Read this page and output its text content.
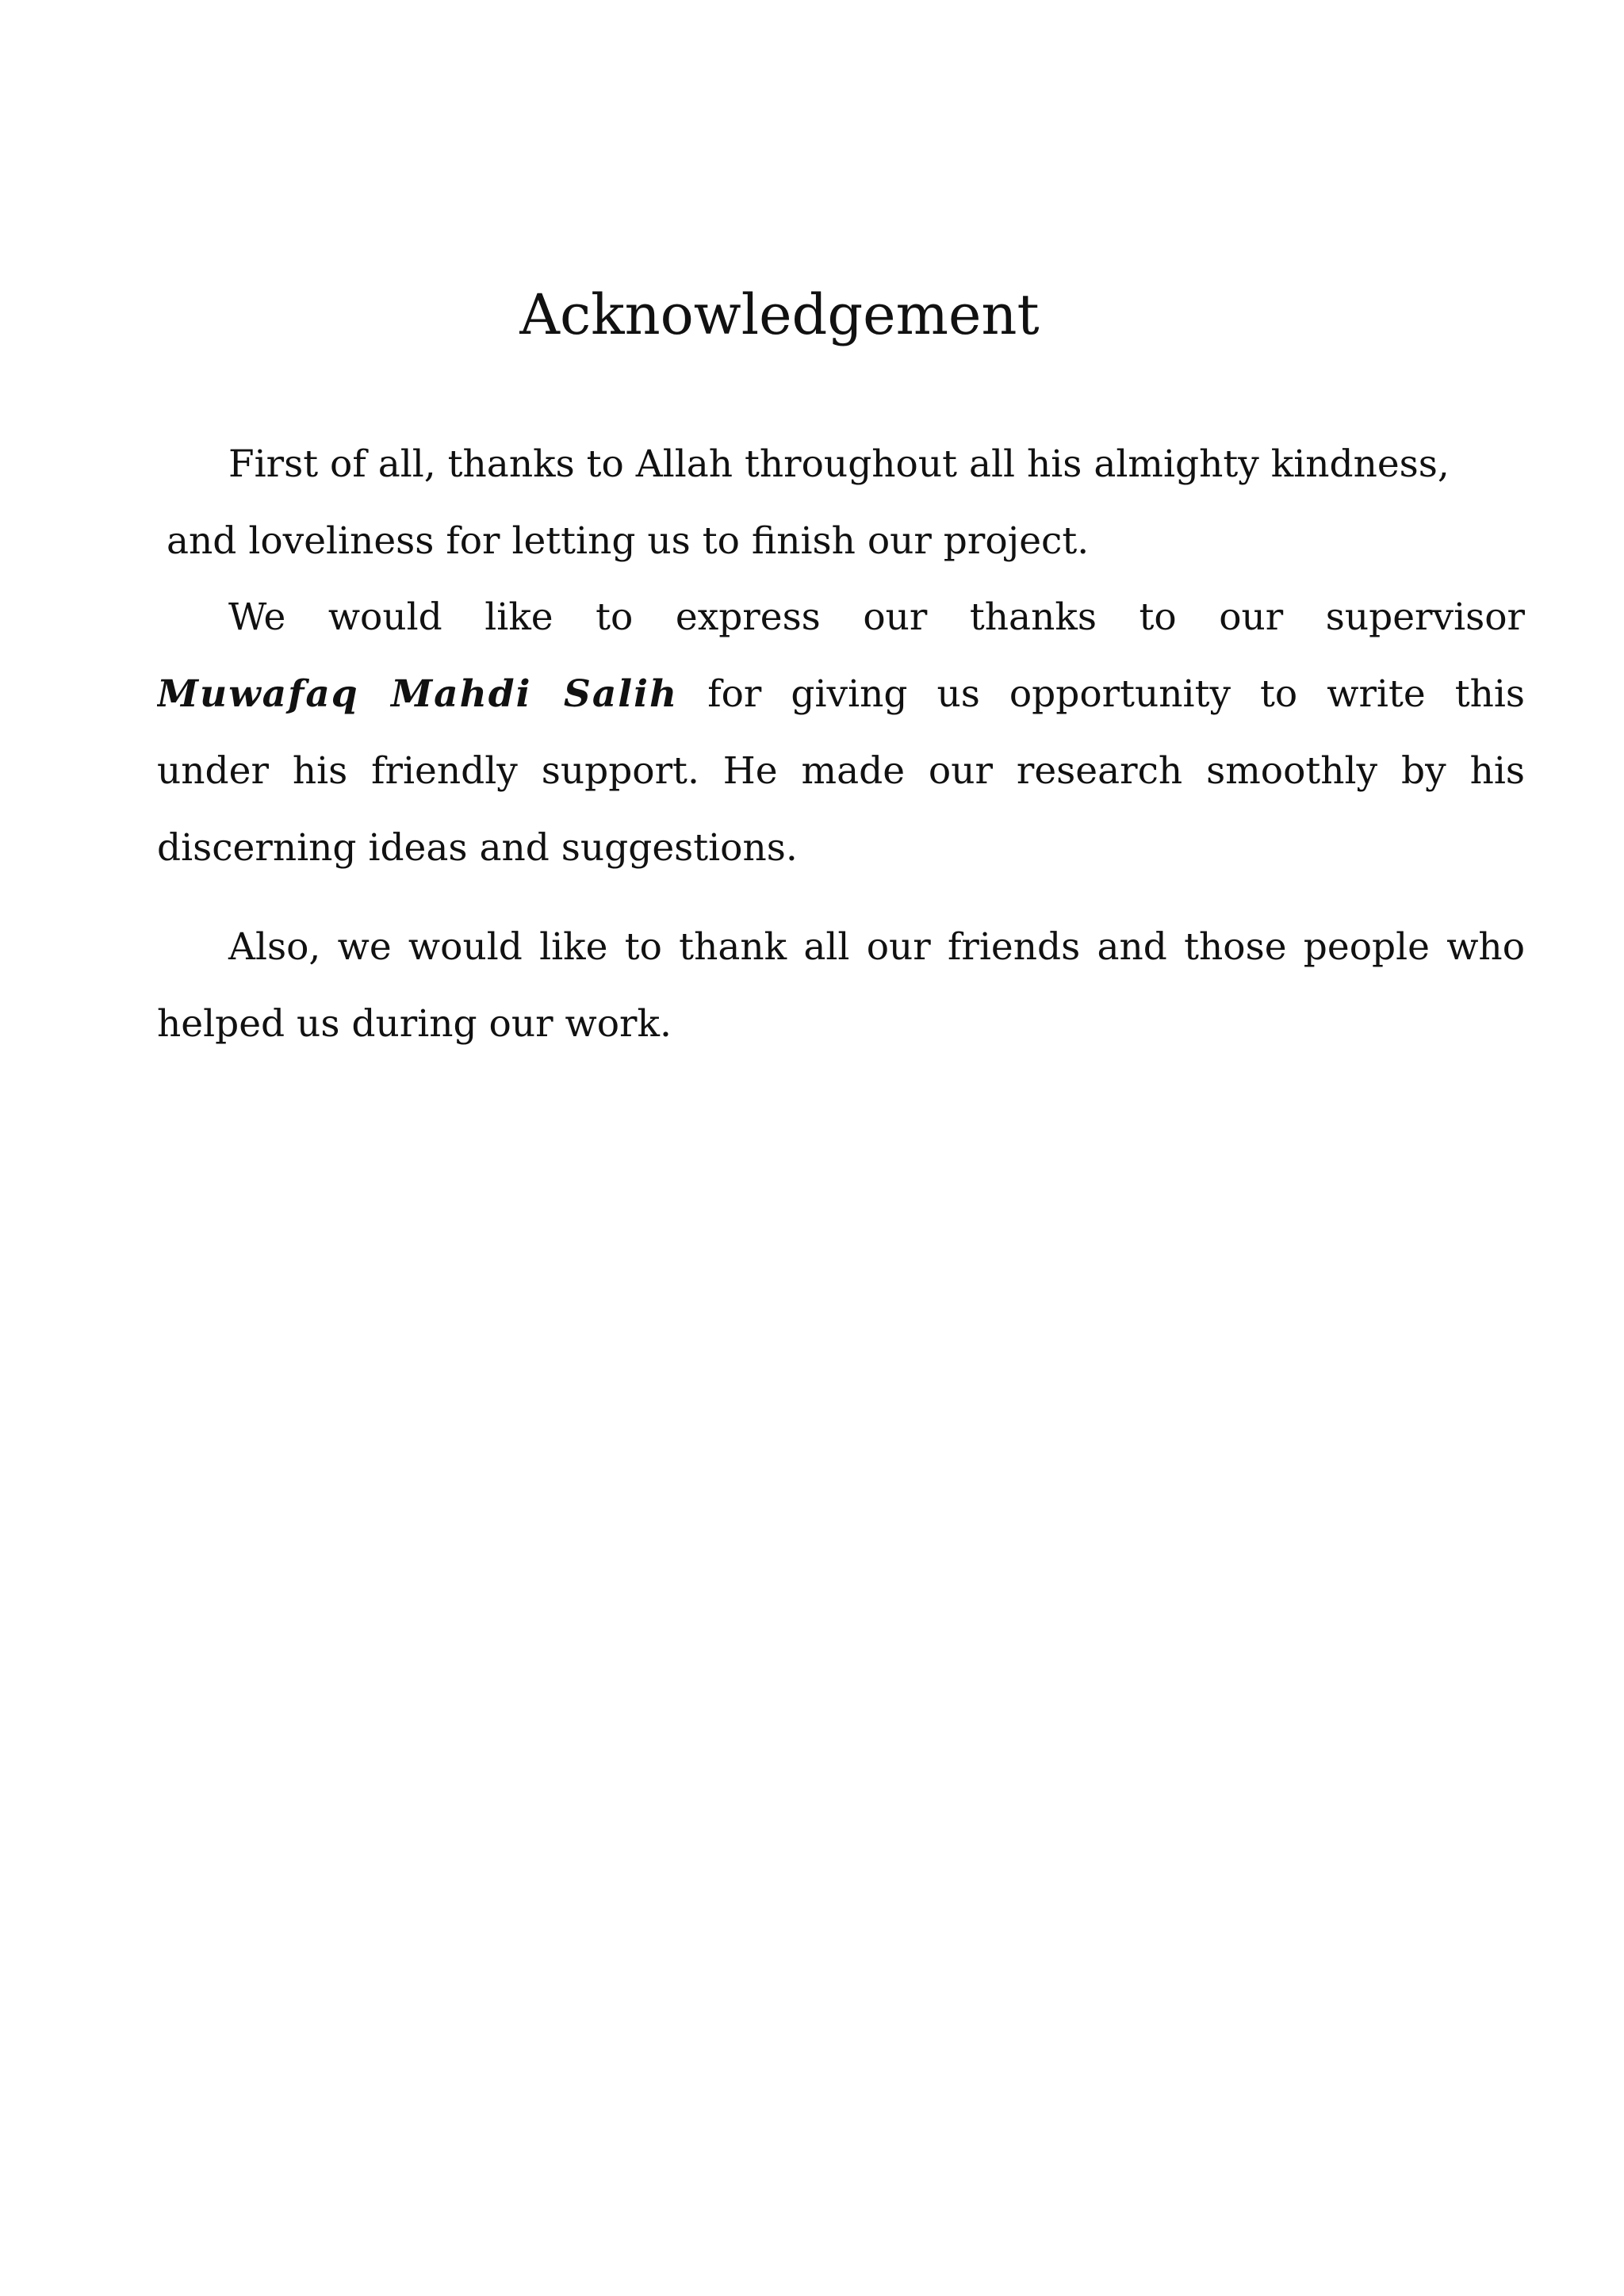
Acknowledgement
First of all, thanks to Allah throughout all his almighty kindness,
and loveliness for letting us to finish our project.
We would like to express our thanks to our supervisor
Muwafaq Mahdi Salih for giving us opportunity to write this
under his friendly support. He made our research smoothly by his
discerning ideas and suggestions.
Also, we would like to thank all our friends and those people who
helped us during our work.
